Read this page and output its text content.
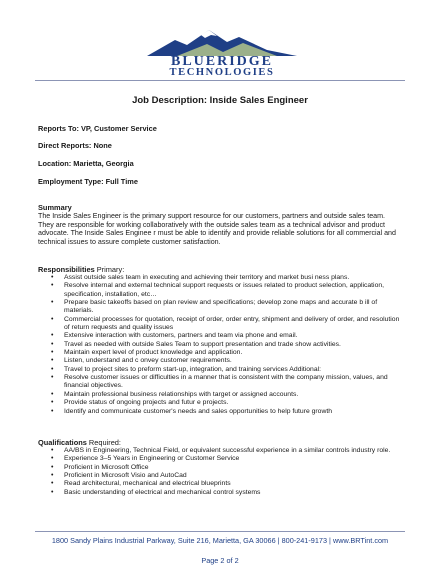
BLUERIDGE
TECHNOLOGIES
Job Description: Inside Sales Engineer
Reports To: VP, Customer Service
Direct Reports: None
Location: Marietta, Georgia
Employment Type: Full Time
Summary
The Inside Sales Engineer is the primary support resource for our customers, partners and outside sales team. They are responsible for working collaboratively with the outside sales team as a technical advisor and product advocate. The Inside Sales Enginee r must be able to identify and provide reliable solutions for all commercial and technical issues to assure complete customer satisfaction.
Responsibilities Primary:
• Assist outside sales team in executing and achieving their territory and market busi ness plans.
• Resolve internal and external technical support requests or issues related to product selection, application, specification, installation, etc…
• Prepare basic takeoffs based on plan review and specifications; develop zone maps and accurate b ill of materials.
• Commercial processes for quotation, receipt of order, order entry, shipment and delivery of order, and resolution of return requests and quality issues
• Extensive interaction with customers, partners and team via phone and email.
• Travel as needed with outside Sales Team to support presentation and trade show activities.
• Maintain expert level of product knowledge and application.
• Listen, understand and c onvey customer requirements.
• Travel to project sites to preform start-up, integration, and training services Additional:
• Resolve customer issues or difficulties in a manner that is consistent with the company mission, values, and financial objectives.
• Maintain professional business relationships with target or assigned accounts.
• Provide status of ongoing projects and futur e projects.
• Identify and communicate customer's needs and sales opportunities to help future growth
Qualifications Required:
• AA/BS in Engineering, Technical Field, or equivalent successful experience in a similar controls industry role.
• Experience 3–5 Years in Engineering or Customer Service
• Proficient in Microsoft Office
• Proficient in Microsoft Visio and AutoCad
• Read architectural, mechanical and electrical blueprints
• Basic understanding of electrical and mechanical control systems
1800 Sandy Plains Industrial Parkway, Suite 216, Marietta, GA 30066 | 800-241-9173 | www.BRTint.com
Page 2 of 2
